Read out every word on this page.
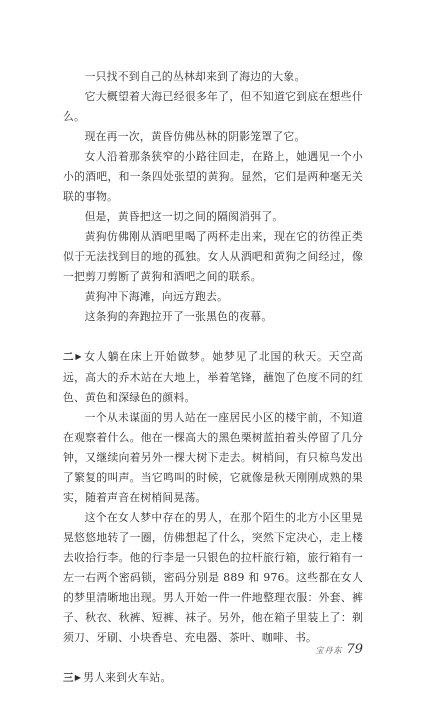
一只找不到自己的丛林却来到了海边的大象。

它大概望着大海已经很多年了，但不知道它到底在想些什么。

现在再一次，黄昏仿佛丛林的阴影笼罩了它。

女人沿着那条狭窄的小路往回走，在路上，她遇见一个小小的酒吧，和一条四处张望的黄狗。显然，它们是两种毫无关联的事物。

但是，黄昏把这一切之间的隔阂消弭了。

黄狗仿佛刚从酒吧里喝了两杯走出来，现在它的彷徨正类似于无法找到目的地的孤独。女人从酒吧和黄狗之间经过，像一把剪刀剪断了黄狗和酒吧之间的联系。

黄狗冲下海滩，向远方跑去。

这条狗的奔跑拉开了一张黑色的夜幕。

二▶ 女人躺在床上开始做梦。她梦见了北国的秋天。天空高远，高大的乔木站在大地上，举着笔锋，蘸饱了色度不同的红色、黄色和深绿色的颜料。

一个从未谋面的男人站在一座居民小区的楼宇前，不知道在观察着什么。他在一棵高大的黑色栗树蓝拍着头停留了几分钟，又继续向着另外一棵大树下走去。树梢间，有只椋鸟发出了繁复的叫声。当它鸣叫的时候，它就像是秋天刚刚成熟的果实，随着声音在树梢间晃荡。

这个在女人梦中存在的男人，在那个陌生的北方小区里晃晃悠悠地转了一圈，仿佛想起了什么，突然下定决心，走上楼去收拾行李。他的行李是一只银色的拉杆旅行箱，旅行箱有一左一右两个密码锁，密码分别是 889 和 976。这些都在女人的梦里清晰地出现。男人开始一件一件地整理衣服：外套、裤子、秋衣、秋裤、短裤、袜子。另外，他在箱子里装上了：剃须刀、牙刷、小块香皂、充电器、茶叶、咖啡、书。

三▶ 男人来到火车站。

宝丹东 79
